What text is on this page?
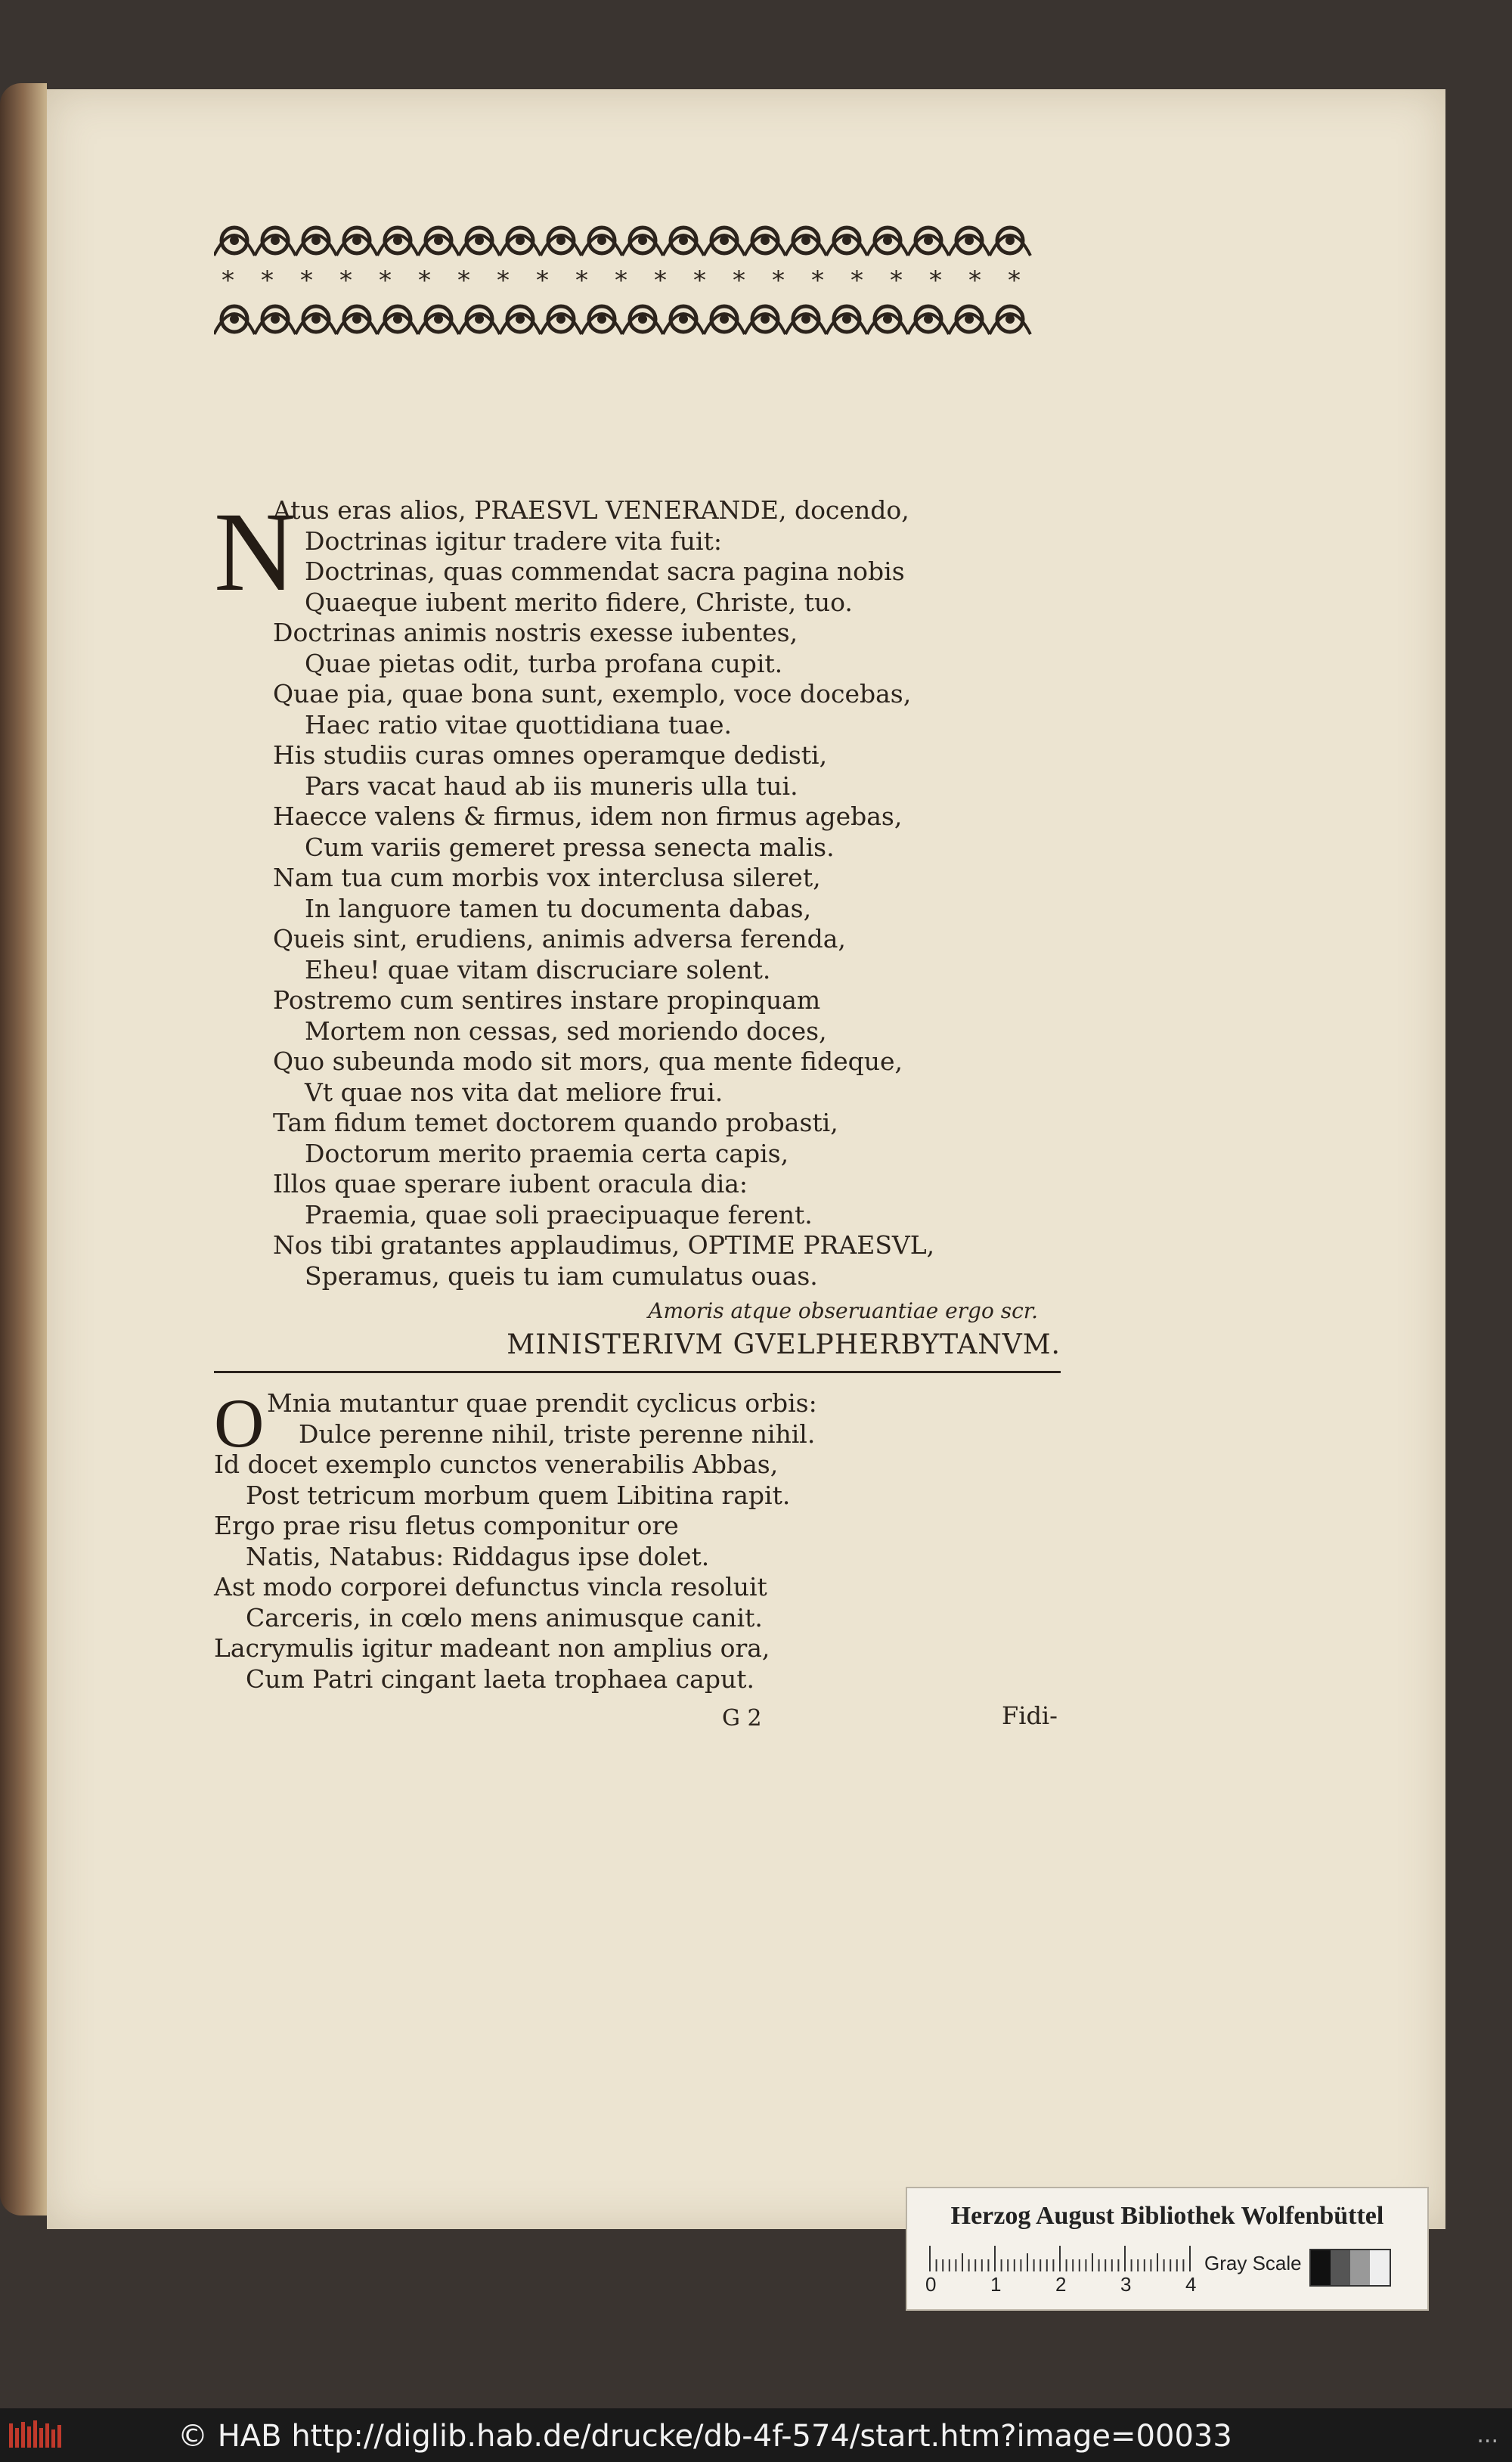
* * * * * * * * * * * * * * * * * * * * *
N
Atus eras alios, PRAESVL VENERANDE, docendo,
Doctrinas igitur tradere vita fuit:
Doctrinas, quas commendat sacra pagina nobis
Quaeque iubent merito fidere, Christe, tuo.
Doctrinas animis nostris exesse iubentes,
Quae pietas odit, turba profana cupit.
Quae pia, quae bona sunt, exemplo, voce docebas,
Haec ratio vitae quottidiana tuae.
His studiis curas omnes operamque dedisti,
Pars vacat haud ab iis muneris ulla tui.
Haecce valens & firmus, idem non firmus agebas,
Cum variis gemeret pressa senecta malis.
Nam tua cum morbis vox interclusa sileret,
In languore tamen tu documenta dabas,
Queis sint, erudiens, animis adversa ferenda,
Eheu! quae vitam discruciare solent.
Postremo cum sentires instare propinquam
Mortem non cessas, sed moriendo doces,
Quo subeunda modo sit mors, qua mente fideque,
Vt quae nos vita dat meliore frui.
Tam fidum temet doctorem quando probasti,
Doctorum merito praemia certa capis,
Illos quae sperare iubent oracula dia:
Praemia, quae soli praecipuaque ferent.
Nos tibi gratantes applaudimus, OPTIME PRAESVL,
Speramus, queis tu iam cumulatus ouas.
Amoris atque obseruantiae ergo scr.
MINISTERIVM GVELPHERBYTANVM.
O Mnia mutantur quae prendit cyclicus orbis:
Dulce perenne nihil, triste perenne nihil.
Id docet exemplo cunctos venerabilis Abbas,
Post tetricum morbum quem Libitina rapit.
Ergo prae risu fletus componitur ore
Natis, Natabus: Riddagus ipse dolet.
Ast modo corporei defunctus vincla resoluit
Carceris, in cœlo mens animusque canit.
Lacrymulis igitur madeant non amplius ora,
Cum Patri cingant laeta trophaea caput.
G 2	Fidi-
Herzog August Bibliothek Wolfenbüttel
0	1	2	3	4
Gray Scale
© HAB http://diglib.hab.de/drucke/db-4f-574/start.htm?image=00033	...
